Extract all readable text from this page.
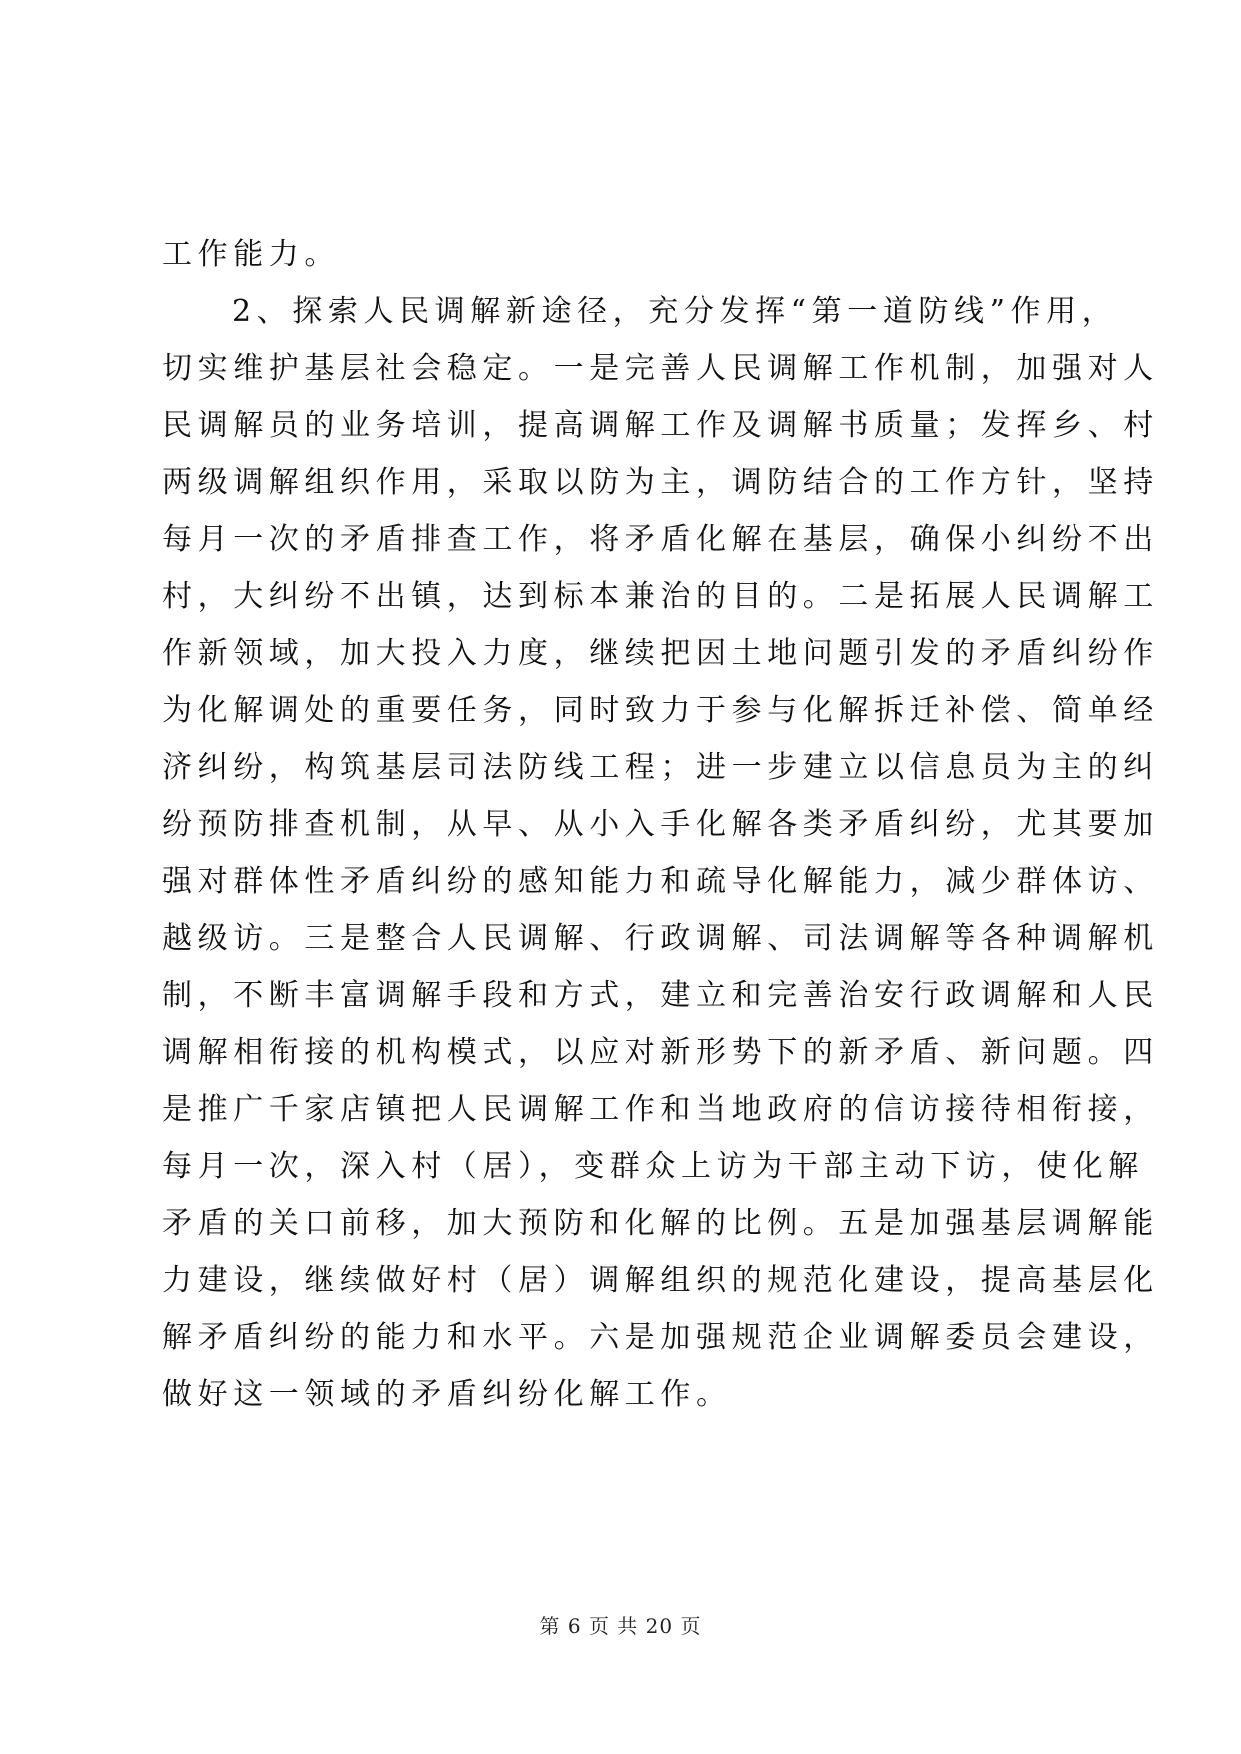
工作能力。
2、探索人民调解新途径，充分发挥“第一道防线”作用，
切实维护基层社会稳定。一是完善人民调解工作机制，加强对人
民调解员的业务培训，提高调解工作及调解书质量；发挥乡、村
两级调解组织作用，采取以防为主，调防结合的工作方针，坚持
每月一次的矛盾排查工作，将矛盾化解在基层，确保小纠纷不出
村，大纠纷不出镇，达到标本兼治的目的。二是拓展人民调解工
作新领域，加大投入力度，继续把因土地问题引发的矛盾纠纷作
为化解调处的重要任务，同时致力于参与化解拆迁补偿、简单经
济纠纷，构筑基层司法防线工程；进一步建立以信息员为主的纠
纷预防排查机制，从早、从小入手化解各类矛盾纠纷，尤其要加
强对群体性矛盾纠纷的感知能力和疏导化解能力，减少群体访、
越级访。三是整合人民调解、行政调解、司法调解等各种调解机
制，不断丰富调解手段和方式，建立和完善治安行政调解和人民
调解相衔接的机构模式，以应对新形势下的新矛盾、新问题。四
是推广千家店镇把人民调解工作和当地政府的信访接待相衔接，
每月一次，深入村（居），变群众上访为干部主动下访，使化解
矛盾的关口前移，加大预防和化解的比例。五是加强基层调解能
力建设，继续做好村（居）调解组织的规范化建设，提高基层化
解矛盾纠纷的能力和水平。六是加强规范企业调解委员会建设，
做好这一领域的矛盾纠纷化解工作。
第 6 页 共 20 页
